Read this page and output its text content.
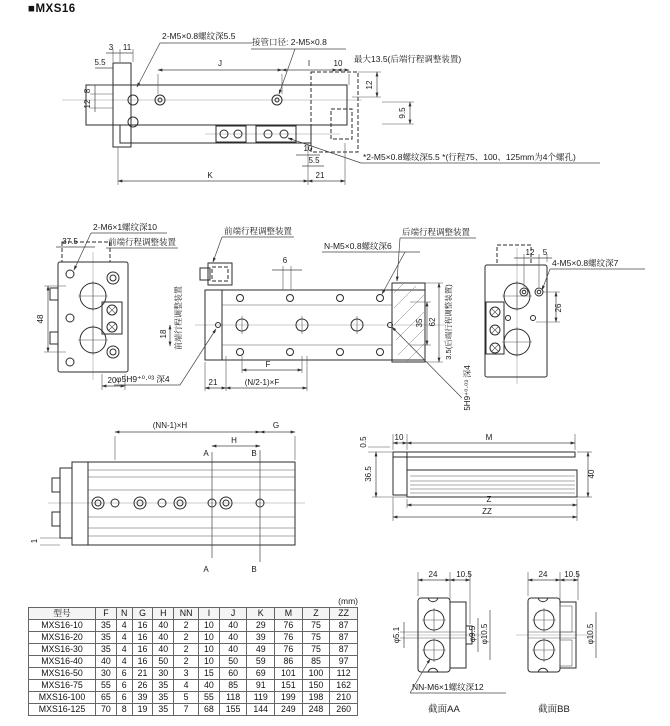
■MXS16
2-M5×0.8螺纹深5.5
3 11
5.5	J
接管口径: 2-M5×0.8
I	10 最大13.5(后端行程调整装置)
8
12
12
9.5
K
10
5.5
21
*2-M5×0.8螺纹深5.5 *(行程75、100、125mm为4个螺孔)
2-M6×1螺纹深10
37.5	前端行程调整装置
48
20
前端行程调整装置
6
N-M5×0.8螺纹深6
后端行程调整装置
前端行程调整装置
18
F
21	(N/2-1)×F
φ5H9⁺⁰·⁰³ 深4	5H9⁺⁰·⁰³ 深4
35 62 3.5(后端行程调整装置)
12 5
4-M5×0.8螺纹深7
26
(NN-1)×H	G
H
A	B
A	B
1
0.5	10	M
36.5	40
Z
ZZ
24 10.5
φ5.1	φ9.5 φ10.5
NN-M6×1螺纹深12
截面AA
24 10.5
φ10.5
截面BB
(mm)
型号	F	N	G	H	NN	I	J	K	M	Z	ZZ
MXS16-10	35	4	16	40	2	10	40	29	76	75	87
MXS16-20	35	4	16	40	2	10	40	39	76	75	87
MXS16-30	35	4	16	40	2	10	40	49	76	75	87
MXS16-40	40	4	16	50	2	10	50	59	86	85	97
MXS16-50	30	6	21	30	3	15	60	69	101	100	112
MXS16-75	55	6	26	35	4	40	85	91	151	150	162
MXS16-100	65	6	39	35	5	55	118	119	199	198	210
MXS16-125	70	8	19	35	7	68	155	144	249	248	260
